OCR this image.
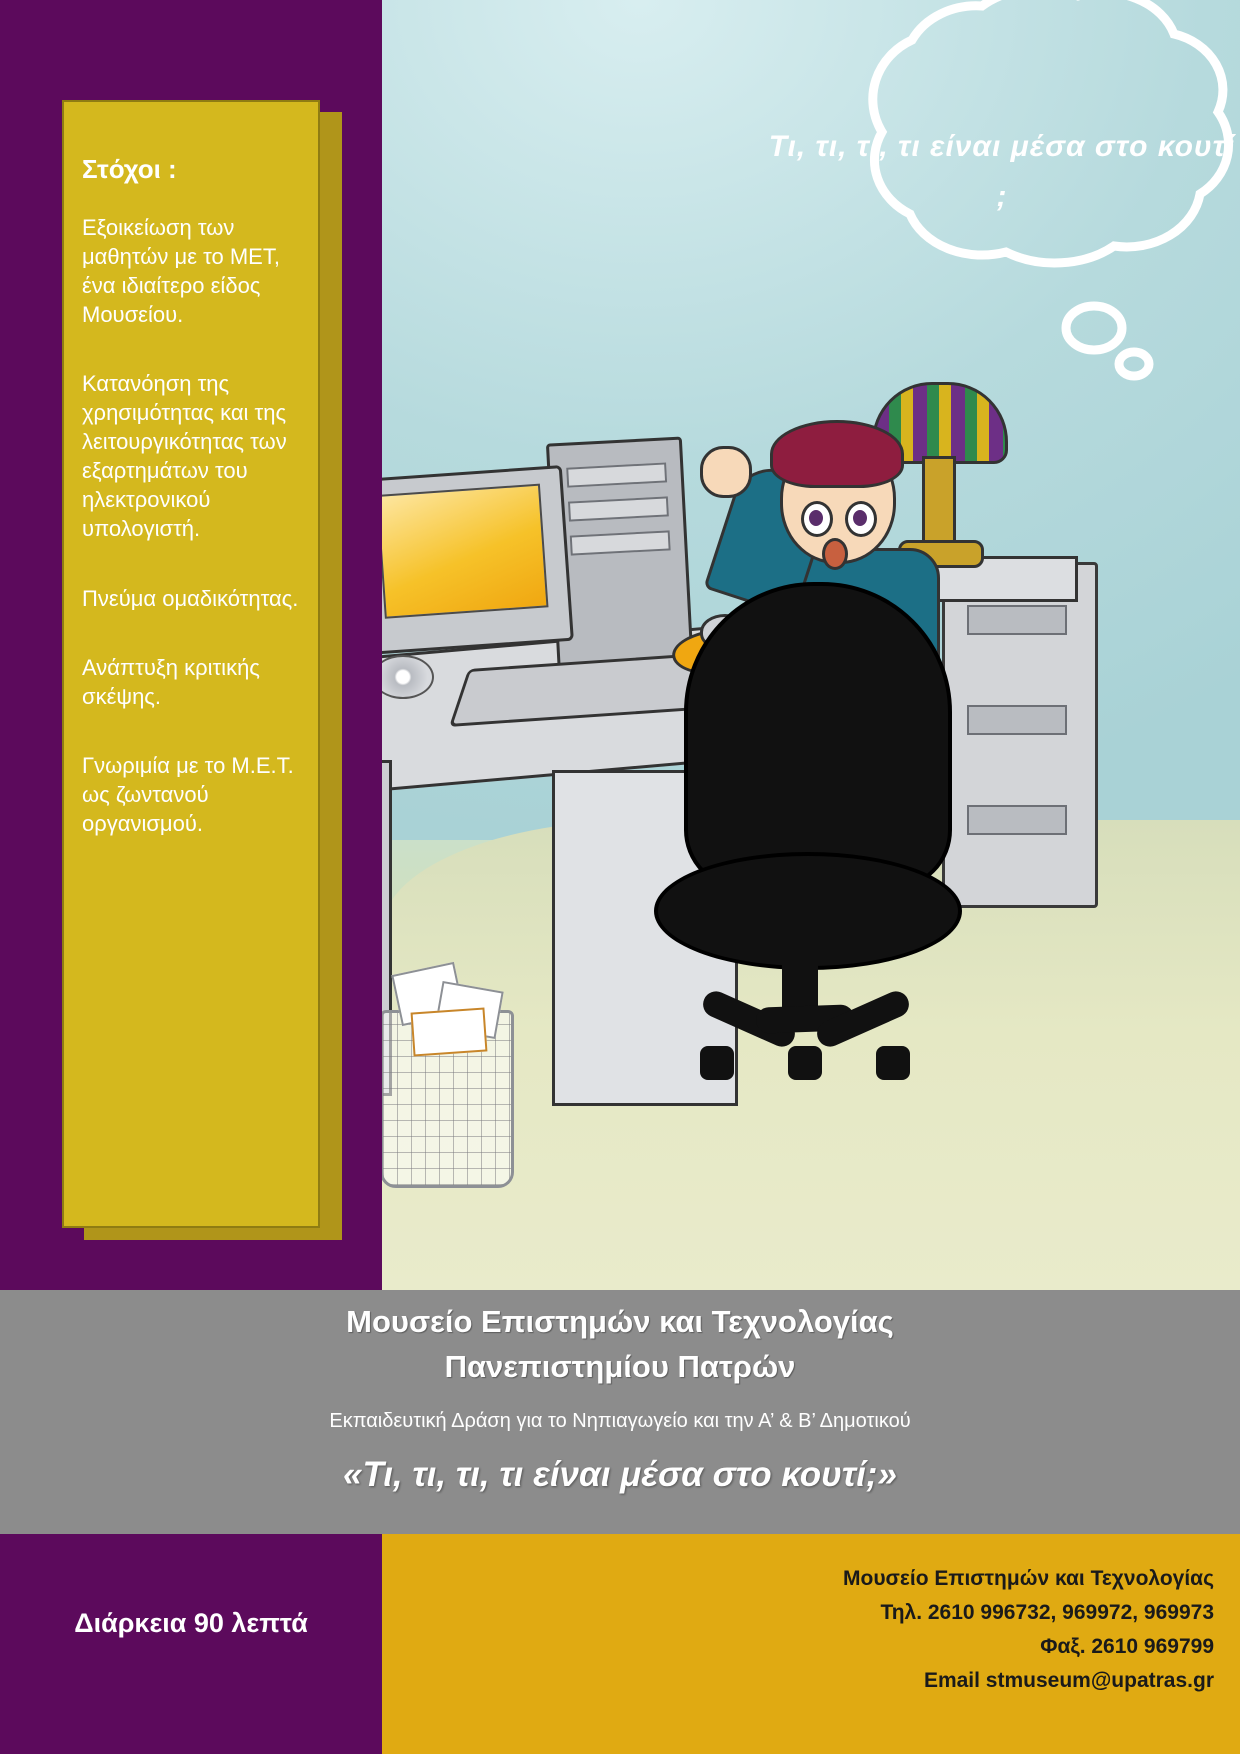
Τι, τι, τι, τι είναι μέσα στο κουτί ;
Στόχοι :
Εξοικείωση των μαθητών με το ΜΕΤ, ένα ιδιαίτερο είδος Μουσείου.
Κατανόηση της χρησιμότητας και της λειτουργικότητας των εξαρτημάτων του ηλεκτρονικού υπολογιστή.
Πνεύμα ομαδικότητας.
Ανάπτυξη κριτικής σκέψης.
Γνωριμία με το Μ.Ε.Τ. ως ζωντανού οργανισμού.
Μουσείο Επιστημών και Τεχνολογίας
Πανεπιστημίου Πατρών
Εκπαιδευτική Δράση για το Νηπιαγωγείο και την Α’ & Β’ Δημοτικού
«Τι, τι, τι, τι είναι μέσα στο κουτί;»
Διάρκεια 90 λεπτά
Μουσείο Επιστημών και Τεχνολογίας
Τηλ. 2610 996732, 969972, 969973
Φαξ. 2610 969799
Email stmuseum@upatras.gr
